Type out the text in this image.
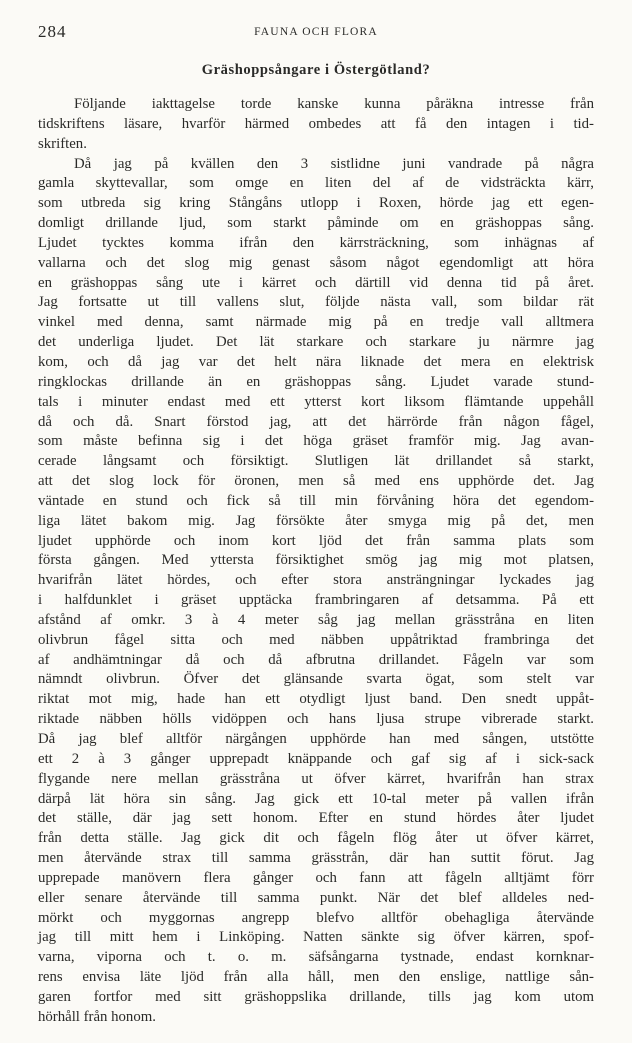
284	FAUNA OCH FLORA
Gräshoppsångare i Östergötland?
Följande iakttagelse torde kanske kunna påräkna intresse från
tidskriftens läsare, hvarför härmed ombedes att få den intagen i tid-
skriften.
Då jag på kvällen den 3 sistlidne juni vandrade på några
gamla skyttevallar, som omge en liten del af de vidsträckta kärr,
som utbreda sig kring Stångåns utlopp i Roxen, hörde jag ett egen-
domligt drillande ljud, som starkt påminde om en gräshoppas sång.
Ljudet tycktes komma ifrån den kärrsträckning, som inhägnas af
vallarna och det slog mig genast såsom något egendomligt att höra
en gräshoppas sång ute i kärret och därtill vid denna tid på året.
Jag fortsatte ut till vallens slut, följde nästa vall, som bildar rät
vinkel med denna, samt närmade mig på en tredje vall alltmera
det underliga ljudet. Det lät starkare och starkare ju närmre jag
kom, och då jag var det helt nära liknade det mera en elektrisk
ringklockas drillande än en gräshoppas sång. Ljudet varade stund-
tals i minuter endast med ett ytterst kort liksom flämtande uppehåll
då och då. Snart förstod jag, att det härrörde från någon fågel,
som måste befinna sig i det höga gräset framför mig. Jag avan-
cerade långsamt och försiktigt. Slutligen lät drillandet så starkt,
att det slog lock för öronen, men så med ens upphörde det. Jag
väntade en stund och fick så till min förvåning höra det egendom-
liga lätet bakom mig. Jag försökte åter smyga mig på det, men
ljudet upphörde och inom kort ljöd det från samma plats som
första gången. Med yttersta försiktighet smög jag mig mot platsen,
hvarifrån lätet hördes, och efter stora ansträngningar lyckades jag
i halfdunklet i gräset upptäcka frambringaren af detsamma. På ett
afstånd af omkr. 3 à 4 meter såg jag mellan grässtråna en liten
olivbrun fågel sitta och med näbben uppåtriktad frambringa det
af andhämtningar då och då afbrutna drillandet. Fågeln var som
nämndt olivbrun. Öfver det glänsande svarta ögat, som stelt var
riktat mot mig, hade han ett otydligt ljust band. Den snedt uppåt-
riktade näbben hölls vidöppen och hans ljusa strupe vibrerade starkt.
Då jag blef alltför närgången upphörde han med sången, utstötte
ett 2 à 3 gånger upprepadt knäppande och gaf sig af i sick-sack
flygande nere mellan grässtråna ut öfver kärret, hvarifrån han strax
därpå lät höra sin sång. Jag gick ett 10-tal meter på vallen ifrån
det ställe, där jag sett honom. Efter en stund hördes åter ljudet
från detta ställe. Jag gick dit och fågeln flög åter ut öfver kärret,
men återvände strax till samma grässtrån, där han suttit förut. Jag
upprepade manövern flera gånger och fann att fågeln alltjämt förr
eller senare återvände till samma punkt. När det blef alldeles ned-
mörkt och myggornas angrepp blefvo alltför obehagliga återvände
jag till mitt hem i Linköping. Natten sänkte sig öfver kärren, spof-
varna, viporna och t. o. m. säfsångarna tystnade, endast kornknar-
rens envisa läte ljöd från alla håll, men den enslige, nattlige sån-
garen fortfor med sitt gräshoppslika drillande, tills jag kom utom
hörhåll från honom.
